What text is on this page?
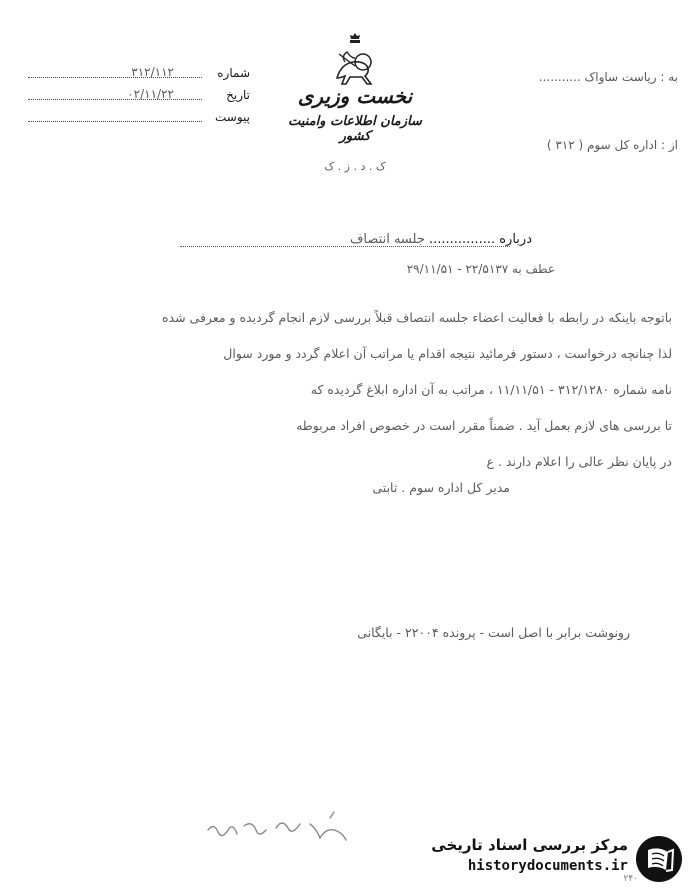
نخست وزیری
سازمان اطلاعات وامنیت کشور
ک . د . ز . ک
شماره
۳۱۲/۱۱۲
تاریخ
۰۲/۱۱/۲۲
پیوست
به : ریاست ساواک ...........
از : اداره کل سوم ( ۳۱۲ )
درباره ................ جلسه انتصاف
عطف به ۲۲/۵۱۳۷ - ۲۹/۱۱/۵۱
باتوجه باینکه در رابطه با فعالیت اعضاء جلسه انتصاف قبلاً بررسی لازم انجام گردیده و معرفی شده
لذا چنانچه درخواست ، دستور فرمائید نتیجه اقدام یا مراتب آن اعلام گردد و مورد سوال
نامه شماره ۳۱۲/۱۲۸۰ - ۱۱/۱۱/۵۱ ، مراتب به آن اداره ابلاغ گردیده که
تا بررسی های لازم بعمل آید . ضمناً مقرر است در خصوص افراد مربوطه
در پایان نظر عالی را اعلام دارند . ع
مدیر کل اداره سوم . ثابتی
رونوشت برابر با اصل است - پرونده ۲۲۰۰۴ - بایگانی
مرکز بررسی اسناد تاریخی
historydocuments.ir
۲۴۰
